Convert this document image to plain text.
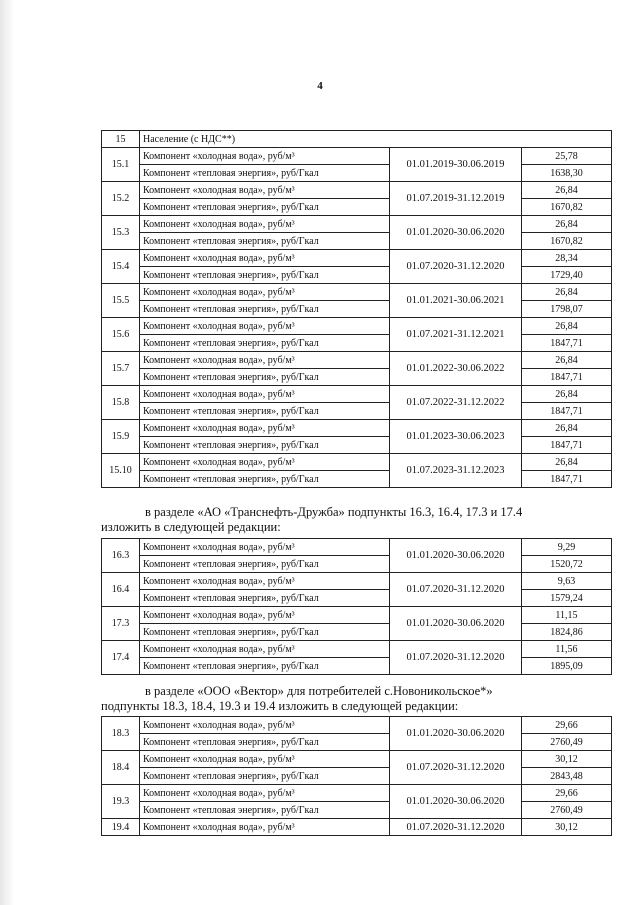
4
15	Население (с НДС**)		
15.1	Компонент «холодная вода», руб/м³	01.01.2019-30.06.2019	25,78
	Компонент «тепловая энергия», руб/Гкал		1638,30
15.2	Компонент «холодная вода», руб/м³	01.07.2019-31.12.2019	26,84
	Компонент «тепловая энергия», руб/Гкал		1670,82
15.3	Компонент «холодная вода», руб/м³	01.01.2020-30.06.2020	26,84
	Компонент «тепловая энергия», руб/Гкал		1670,82
15.4	Компонент «холодная вода», руб/м³	01.07.2020-31.12.2020	28,34
	Компонент «тепловая энергия», руб/Гкал		1729,40
15.5	Компонент «холодная вода», руб/м³	01.01.2021-30.06.2021	26,84
	Компонент «тепловая энергия», руб/Гкал		1798,07
15.6	Компонент «холодная вода», руб/м³	01.07.2021-31.12.2021	26,84
	Компонент «тепловая энергия», руб/Гкал		1847,71
15.7	Компонент «холодная вода», руб/м³	01.01.2022-30.06.2022	26,84
	Компонент «тепловая энергия», руб/Гкал		1847,71
15.8	Компонент «холодная вода», руб/м³	01.07.2022-31.12.2022	26,84
	Компонент «тепловая энергия», руб/Гкал		1847,71
15.9	Компонент «холодная вода», руб/м³	01.01.2023-30.06.2023	26,84
	Компонент «тепловая энергия», руб/Гкал		1847,71
15.10	Компонент «холодная вода», руб/м³	01.07.2023-31.12.2023	26,84
	Компонент «тепловая энергия», руб/Гкал		1847,71
в разделе «АО «Транснефть-Дружба» подпункты 16.3, 16.4, 17.3 и 17.4
изложить в следующей редакции:
16.3	Компонент «холодная вода», руб/м³	01.01.2020-30.06.2020	9,29
	Компонент «тепловая энергия», руб/Гкал		1520,72
16.4	Компонент «холодная вода», руб/м³	01.07.2020-31.12.2020	9,63
	Компонент «тепловая энергия», руб/Гкал		1579,24
17.3	Компонент «холодная вода», руб/м³	01.01.2020-30.06.2020	11,15
	Компонент «тепловая энергия», руб/Гкал		1824,86
17.4	Компонент «холодная вода», руб/м³	01.07.2020-31.12.2020	11,56
	Компонент «тепловая энергия», руб/Гкал		1895,09
в разделе «ООО «Вектор» для потребителей с.Новоникольское*»
подпункты 18.3, 18.4, 19.3 и 19.4 изложить в следующей редакции:
18.3	Компонент «холодная вода», руб/м³	01.01.2020-30.06.2020	29,66
	Компонент «тепловая энергия», руб/Гкал		2760,49
18.4	Компонент «холодная вода», руб/м³	01.07.2020-31.12.2020	30,12
	Компонент «тепловая энергия», руб/Гкал		2843,48
19.3	Компонент «холодная вода», руб/м³	01.01.2020-30.06.2020	29,66
	Компонент «тепловая энергия», руб/Гкал		2760,49
19.4	Компонент «холодная вода», руб/м³	01.07.2020-31.12.2020	30,12
